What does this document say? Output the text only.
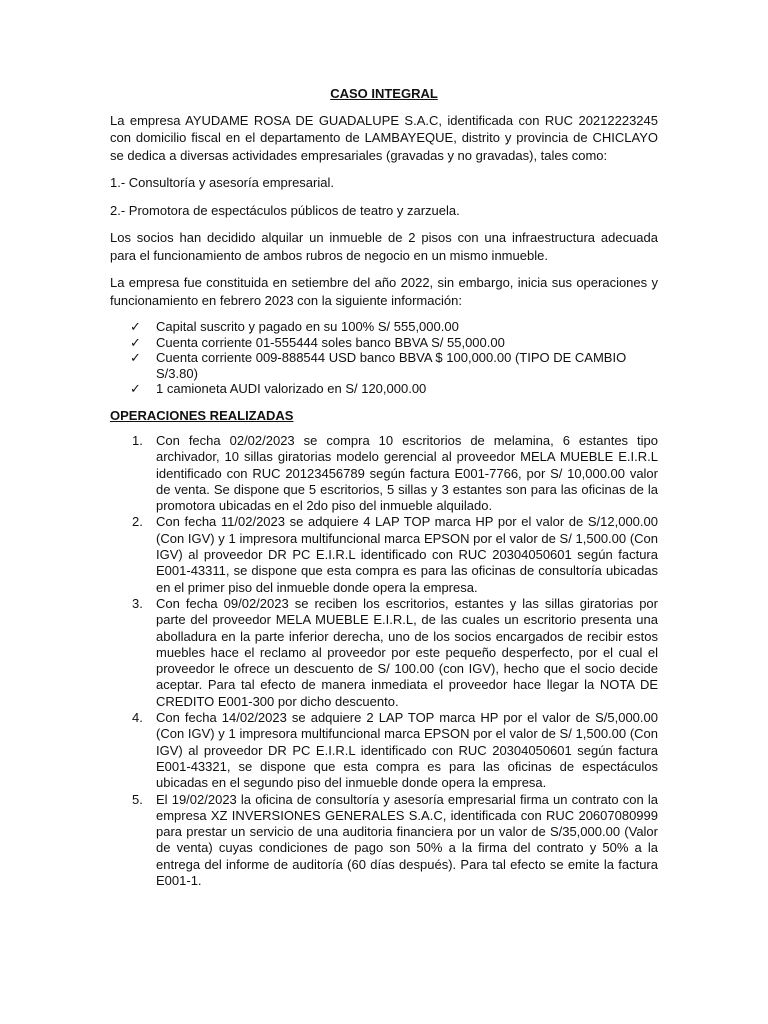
CASO INTEGRAL

La empresa AYUDAME ROSA DE GUADALUPE S.A.C, identificada con RUC 20212223245 con domicilio fiscal en el departamento de LAMBAYEQUE, distrito y provincia de CHICLAYO se dedica a diversas actividades empresariales (gravadas y no gravadas), tales como:

1.- Consultoría y asesoría empresarial.

2.- Promotora de espectáculos públicos de teatro y zarzuela.

Los socios han decidido alquilar un inmueble de 2 pisos con una infraestructura adecuada para el funcionamiento de ambos rubros de negocio en un mismo inmueble.

La empresa fue constituida en setiembre del año 2022, sin embargo, inicia sus operaciones y funcionamiento en febrero 2023 con la siguiente información:

✓ Capital suscrito y pagado en su 100% S/ 555,000.00
✓ Cuenta corriente 01-555444 soles banco BBVA S/ 55,000.00
✓ Cuenta corriente 009-888544 USD banco BBVA $ 100,000.00 (TIPO DE CAMBIO S/3.80)
✓ 1 camioneta AUDI valorizado en S/ 120,000.00
OPERACIONES REALIZADAS
1. Con fecha 02/02/2023 se compra 10 escritorios de melamina, 6 estantes tipo archivador, 10 sillas giratorias modelo gerencial al proveedor MELA MUEBLE E.I.R.L identificado con RUC 20123456789 según factura E001-7766, por S/ 10,000.00 valor de venta. Se dispone que 5 escritorios, 5 sillas y 3 estantes son para las oficinas de la promotora ubicadas en el 2do piso del inmueble alquilado.
2. Con fecha 11/02/2023 se adquiere 4 LAP TOP marca HP por el valor de S/12,000.00 (Con IGV) y 1 impresora multifuncional marca EPSON por el valor de S/ 1,500.00 (Con IGV) al proveedor DR PC E.I.R.L identificado con RUC 20304050601 según factura E001-43311, se dispone que esta compra es para las oficinas de consultoría ubicadas en el primer piso del inmueble donde opera la empresa.
3. Con fecha 09/02/2023 se reciben los escritorios, estantes y las sillas giratorias por parte del proveedor MELA MUEBLE E.I.R.L, de las cuales un escritorio presenta una abolladura en la parte inferior derecha, uno de los socios encargados de recibir estos muebles hace el reclamo al proveedor por este pequeño desperfecto, por el cual el proveedor le ofrece un descuento de S/ 100.00 (con IGV), hecho que el socio decide aceptar. Para tal efecto de manera inmediata el proveedor hace llegar la NOTA DE CREDITO E001-300 por dicho descuento.
4. Con fecha 14/02/2023 se adquiere 2 LAP TOP marca HP por el valor de S/5,000.00 (Con IGV) y 1 impresora multifuncional marca EPSON por el valor de S/ 1,500.00 (Con IGV) al proveedor DR PC E.I.R.L identificado con RUC 20304050601 según factura E001-43321, se dispone que esta compra es para las oficinas de espectáculos ubicadas en el segundo piso del inmueble donde opera la empresa.
5. El 19/02/2023 la oficina de consultoría y asesoría empresarial firma un contrato con la empresa XZ INVERSIONES GENERALES S.A.C, identificada con RUC 20607080999 para prestar un servicio de una auditoria financiera por un valor de S/35,000.00 (Valor de venta) cuyas condiciones de pago son 50% a la firma del contrato y 50% a la entrega del informe de auditoría (60 días después). Para tal efecto se emite la factura E001-1.
